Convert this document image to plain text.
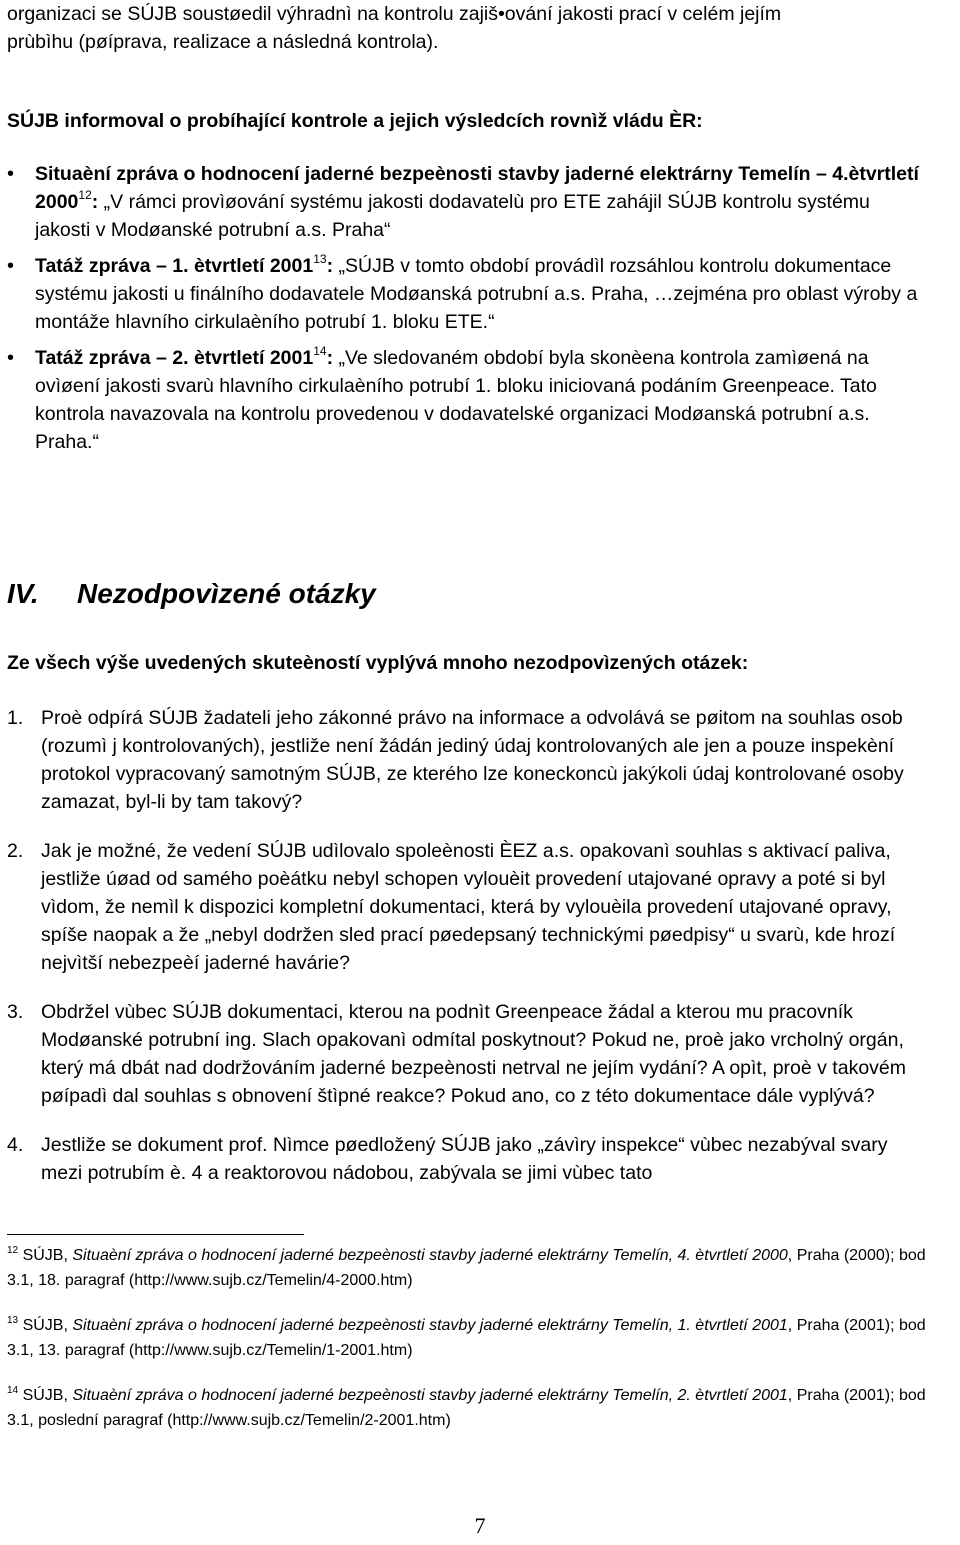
organizaci se SÚJB soustøedil výhradnì na kontrolu zajiš•ování jakosti prací v celém jejím

prùbìhu (pøíprava, realizace a následná kontrola).

SÚJB informoval o probíhající kontrole a jejich výsledcích rovnìž vládu ÈR:

• Situaèní zpráva o hodnocení jaderné bezpeènosti stavby jaderné elektrárny Temelín – 4.ètvrtletí 2000$^{12}$: „V rámci provìøování systému jakosti dodavatelù pro ETE zahájil SÚJB kontrolu systému jakosti v Modøanské potrubní a.s. Praha“
• Tatáž zpráva – 1. ètvrtletí 2001$^{13}$: „SÚJB v tomto období provádìl rozsáhlou kontrolu dokumentace systému jakosti u finálního dodavatele Modøanská potrubní a.s. Praha, …zejména pro oblast výroby a montáže hlavního cirkulaèního potrubí 1. bloku ETE.“
• Tatáž zpráva – 2. ètvrtletí 2001$^{14}$: „Ve sledovaném období byla skonèena kontrola zamìøená na ovìøení jakosti svarù hlavního cirkulaèního potrubí 1. bloku iniciovaná podáním Greenpeace. Tato kontrola navazovala na kontrolu provedenou v dodavatelské organizaci Modøanská potrubní a.s. Praha.“
IV. Nezodpovìzené otázky

Ze všech výše uvedených skuteèností vyplývá mnoho nezodpovìzených otázek:

1. Proè odpírá SÚJB žadateli jeho zákonné právo na informace a odvolává se pøitom na souhlas osob (rozumì j kontrolovaných), jestliže není žádán jediný údaj kontrolovaných ale jen a pouze inspekèní protokol vypracovaný samotným SÚJB, ze kterého lze koneckoncù jakýkoli údaj kontrolované osoby zamazat, byl-li by tam takový?
2. Jak je možné, že vedení SÚJB udìlovalo spoleènosti ÈEZ a.s. opakovanì souhlas s aktivací paliva, jestliže úøad od samého poèátku nebyl schopen vylouèit provedení utajované opravy a poté si byl vìdom, že nemìl k dispozici kompletní dokumentaci, která by vylouèila provedení utajované opravy, spíše naopak a že „nebyl dodržen sled prací pøedepsaný technickými pøedpisy“ u svarù, kde hrozí nejvìtší nebezpeèí jaderné havárie?
3. Obdržel vùbec SÚJB dokumentaci, kterou na podnìt Greenpeace žádal a kterou mu pracovník Modøanské potrubní ing. Slach opakovanì odmítal poskytnout? Pokud ne, proè jako vrcholný orgán, který má dbát nad dodržováním jaderné bezpeènosti netrval ne jejím vydání? A opìt, proè v takovém pøípadì dal souhlas s obnovení štìpné reakce? Pokud ano, co z této dokumentace dále vyplývá?
4. Jestliže se dokument prof. Nìmce pøedložený SÚJB jako „závìry inspekce“ vùbec nezabýval svary mezi potrubím è. 4 a reaktorovou nádobou, zabývala se jimi vùbec tato

$^{12}$ SÚJB, Situaèní zpráva o hodnocení jaderné bezpeènosti stavby jaderné elektrárny Temelín, 4. ètvrtletí 2000, Praha (2000); bod 3.1, 18. paragraf (http://www.sujb.cz/Temelin/4-2000.htm)

$^{13}$ SÚJB, Situaèní zpráva o hodnocení jaderné bezpeènosti stavby jaderné elektrárny Temelín, 1. ètvrtletí 2001, Praha (2001); bod 3.1, 13. paragraf (http://www.sujb.cz/Temelin/1-2001.htm)

$^{14}$ SÚJB, Situaèní zpráva o hodnocení jaderné bezpeènosti stavby jaderné elektrárny Temelín, 2. ètvrtletí 2001, Praha (2001); bod 3.1, poslední paragraf (http://www.sujb.cz/Temelin/2-2001.htm)

7
